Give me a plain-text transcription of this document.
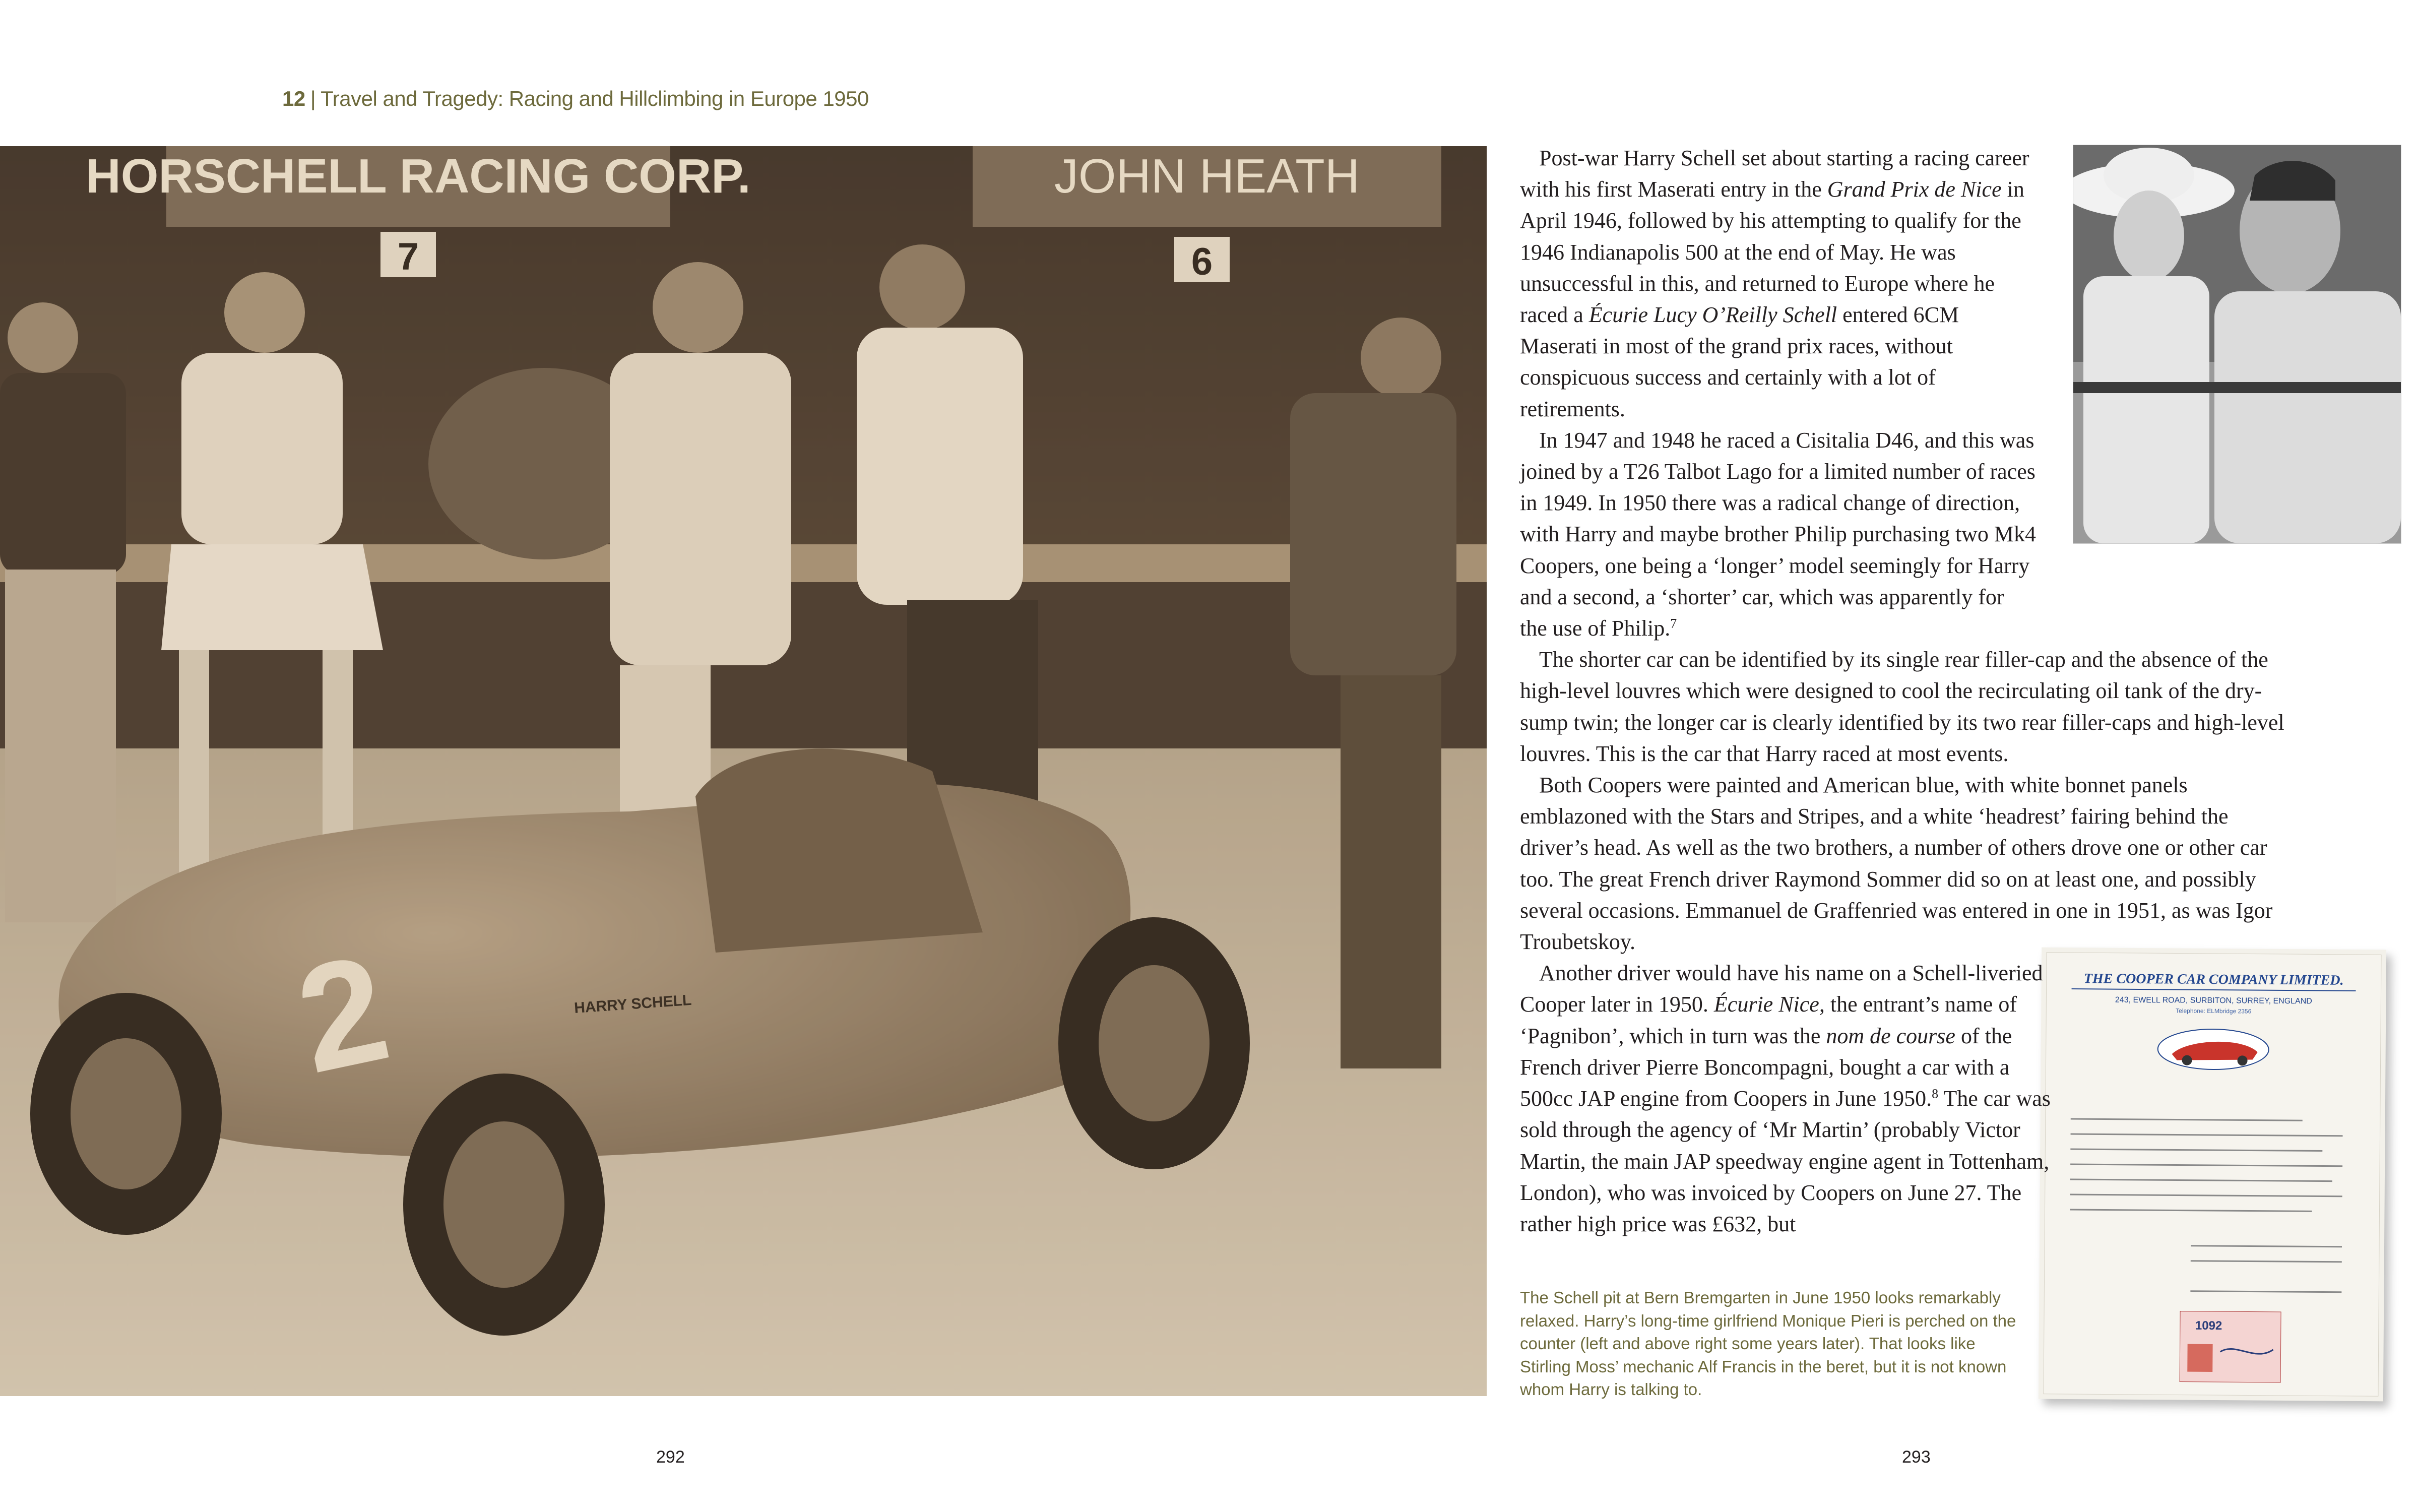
12 | Travel and Tragedy: Racing and Hillclimbing in Europe 1950
HORSCHELL RACING CORP.	JOHN HEATH
7	6
2	HARRY SCHELL
THE COOPER CAR COMPANY LIMITED.
243, EWELL ROAD, SURBITON, SURREY, ENGLAND
Telephone: ELMbridge 2356
1092

Post-war Harry Schell set about starting a racing career with his first Maserati entry in the Grand Prix de Nice in April 1946, followed by his attempting to qualify for the 1946 Indianapolis 500 at the end of May. He was unsuccessful in this, and returned to Europe where he raced a Écurie Lucy O’Reilly Schell entered 6CM Maserati in most of the grand prix races, without conspicuous success and certainly with a lot of retirements.

In 1947 and 1948 he raced a Cisitalia D46, and this was joined by a T26 Talbot Lago for a limited number of races in 1949. In 1950 there was a radical change of direction, with Harry and maybe brother Philip purchasing two Mk4 Coopers, one being a ‘longer’ model seemingly for Harry and a second, a ‘shorter’ car, which was apparently for the use of Philip.$^7$

The shorter car can be identified by its single rear filler-cap and the absence of the high-level louvres which were designed to cool the recirculating oil tank of the dry-sump twin; the longer car is clearly identified by its two rear filler-caps and high-level louvres. This is the car that Harry raced at most events.

Both Coopers were painted and American blue, with white bonnet panels emblazoned with the Stars and Stripes, and a white ‘headrest’ fairing behind the driver’s head. As well as the two brothers, a number of others drove one or other car too. The great French driver Raymond Sommer did so on at least one, and possibly several occasions. Emmanuel de Graffenried was entered in one in 1951, as was Igor Troubetskoy.

Another driver would have his name on a Schell-liveried Cooper later in 1950. Écurie Nice, the entrant’s name of ‘Pagnibon’, which in turn was the nom de course of the French driver Pierre Boncompagni, bought a car with a 500cc JAP engine from Coopers in June 1950.$^8$ The car was sold through the agency of ‘Mr Martin’ (probably Victor Martin, the main JAP speedway engine agent in Tottenham, London), who was invoiced by Coopers on June 27. The rather high price was £632, but

The Schell pit at Bern Bremgarten in June 1950 looks remarkably relaxed. Harry’s long-time girlfriend Monique Pieri is perched on the counter (left and above right some years later). That looks like Stirling Moss’ mechanic Alf Francis in the beret, but it is not known whom Harry is talking to.
292	293
